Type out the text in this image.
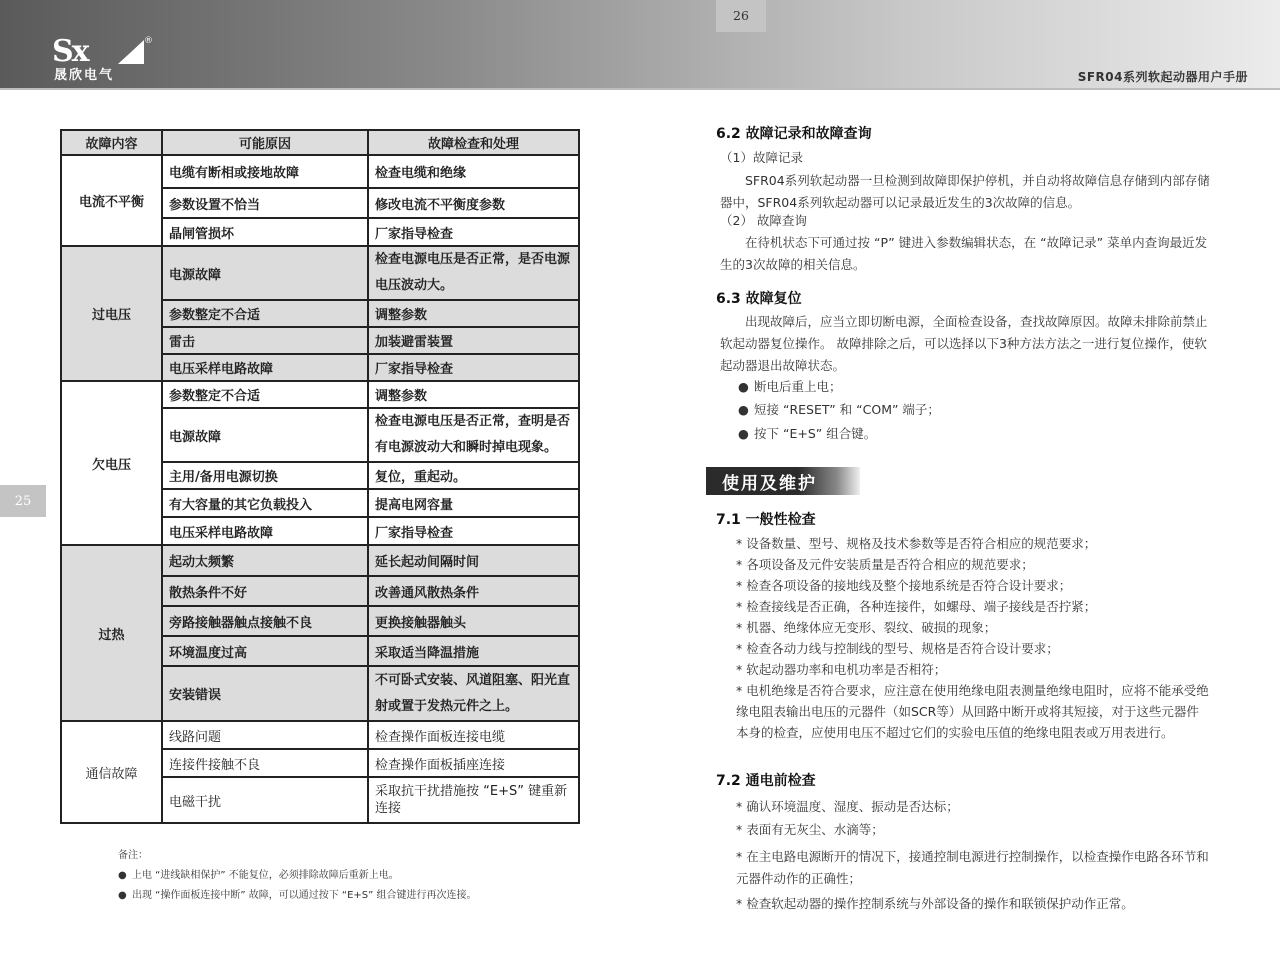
Sx	®
晟欣电气	SFR04系列软起动器用户手册
25
26
故障内容	可能原因	故障检查和处理
电流不平衡	电缆有断相或接地故障	检查电缆和绝缘
	参数设置不恰当	修改电流不平衡度参数
	晶闸管损坏	厂家指导检查
过电压	电源故障	检查电源电压是否正常，是否电源电压波动大。

	参数整定不合适	调整参数
	雷击	加装避雷装置
	电压采样电路故障	厂家指导检查
欠电压	参数整定不合适	调整参数
	电源故障	检查电源电压是否正常，查明是否有电源波动大和瞬时掉电现象。

	主用/备用电源切换	复位，重起动。
	有大容量的其它负载投入	提高电网容量
	电压采样电路故障	厂家指导检查
过热	起动太频繁	延长起动间隔时间
	散热条件不好	改善通风散热条件
	旁路接触器触点接触不良	更换接触器触头
	环境温度过高	采取适当降温措施
	安装错误	不可卧式安装、风道阻塞、阳光直射或置于发热元件之上。

通信故障	线路问题	检查操作面板连接电缆
	连接件接触不良	检查操作面板插座连接
	电磁干扰	采取抗干扰措施按 “E+S” 键重新连接
备注：
● 上电 “进线缺相保护” 不能复位，必须排除故障后重新上电。
● 出现 “操作面板连接中断” 故障，可以通过按下 “E+S” 组合键进行再次连接。
6.2 故障记录和故障查询
（1）故障记录
SFR04系列软起动器一旦检测到故障即保护停机，并自动将故障信息存储到内部存储器中，SFR04系列软起动器可以记录最近发生的3次故障的信息。
（2） 故障查询
在待机状态下可通过按 “P” 键进入参数编辑状态，在 “故障记录” 菜单内查询最近发生的3次故障的相关信息。
6.3 故障复位
出现故障后，应当立即切断电源，全面检查设备，查找故障原因。故障未排除前禁止软起动器复位操作。 故障排除之后，可以选择以下3种方法方法之一进行复位操作，使软起动器退出故障状态。
● 断电后重上电；
● 短接 “RESET” 和 “COM” 端子；
● 按下 “E+S” 组合键。
使用及维护
7.1 一般性检查
* 设备数量、型号、规格及技术参数等是否符合相应的规范要求；
* 各项设备及元件安装质量是否符合相应的规范要求；
* 检查各项设备的接地线及整个接地系统是否符合设计要求；
* 检查接线是否正确，各种连接件，如螺母、端子接线是否拧紧；
* 机器、绝缘体应无变形、裂纹、破损的现象；
* 检查各动力线与控制线的型号、规格是否符合设计要求；
* 软起动器功率和电机功率是否相符；
* 电机绝缘是否符合要求，应注意在使用绝缘电阻表测量绝缘电阻时，应将不能承受绝缘电阻表输出电压的元器件（如SCR等）从回路中断开或将其短接，对于这些元器件本身的检查，应使用电压不超过它们的实验电压值的绝缘电阻表或万用表进行。
7.2 通电前检查
* 确认环境温度、湿度、振动是否达标；
* 表面有无灰尘、水滴等；
* 在主电路电源断开的情况下，接通控制电源进行控制操作，以检查操作电路各环节和元器件动作的正确性；
* 检查软起动器的操作控制系统与外部设备的操作和联锁保护动作正常。
